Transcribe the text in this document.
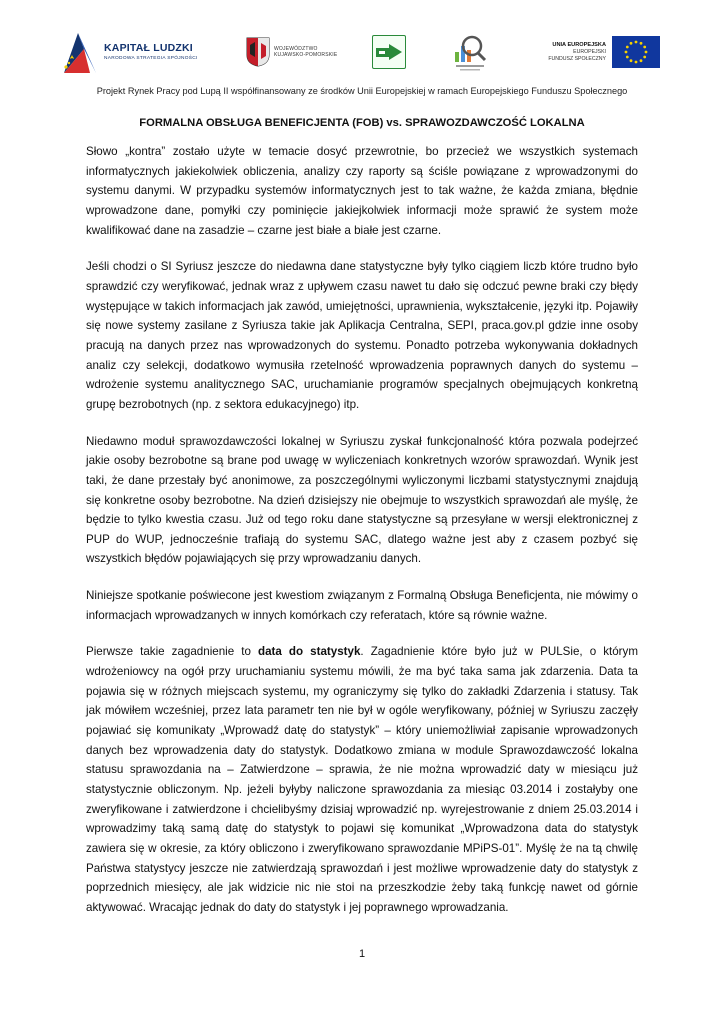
KAPITAŁ LUDZKI
NARODOWA STRATEGIA SPÓJNOŚCI
WOJEWÓDZTWO
KUJAWSKO-POMORSKIE
UNIA EUROPEJSKA
EUROPEJSKI
FUNDUSZ SPOŁECZNY
Projekt Rynek Pracy pod Lupą II współfinansowany ze środków Unii Europejskiej w ramach Europejskiego Funduszu Społecznego
FORMALNA OBSŁUGA BENEFICJENTA (FOB) vs. SPRAWOZDAWCZOŚĆ LOKALNA

Słowo „kontra” zostało użyte w temacie dosyć przewrotnie, bo przecież we wszystkich systemach informatycznych jakiekolwiek obliczenia, analizy czy raporty są ściśle powiązane z wprowadzonymi do systemu danymi. W przypadku systemów informatycznych jest to tak ważne, że każda zmiana, błędnie wprowadzone dane, pomyłki czy pominięcie jakiejkolwiek informacji może sprawić że system może kwalifikować dane na zasadzie – czarne jest białe a białe jest czarne.

Jeśli chodzi o SI Syriusz jeszcze do niedawna dane statystyczne były tylko ciągiem liczb które trudno było sprawdzić czy weryfikować, jednak wraz z upływem czasu nawet tu dało się odczuć pewne braki czy błędy występujące w takich informacjach jak zawód, umiejętności, uprawnienia, wykształcenie, języki itp. Pojawiły się nowe systemy zasilane z Syriusza takie jak Aplikacja Centralna, SEPI, praca.gov.pl gdzie inne osoby pracują na danych przez nas wprowadzonych do systemu. Ponadto potrzeba wykonywania dokładnych analiz czy selekcji, dodatkowo wymusiła rzetelność wprowadzenia poprawnych danych do systemu – wdrożenie systemu analitycznego SAC, uruchamianie programów specjalnych obejmujących konkretną grupę bezrobotnych (np. z sektora edukacyjnego) itp.

Niedawno moduł sprawozdawczości lokalnej w Syriuszu zyskał funkcjonalność która pozwala podejrzeć jakie osoby bezrobotne są brane pod uwagę w wyliczeniach konkretnych wzorów sprawozdań. Wynik jest taki, że dane przestały być anonimowe, za poszczególnymi wyliczonymi liczbami statystycznymi znajdują się konkretne osoby bezrobotne. Na dzień dzisiejszy nie obejmuje to wszystkich sprawozdań ale myślę, że będzie to tylko kwestia czasu. Już od tego roku dane statystyczne są przesyłane w wersji elektronicznej z PUP do WUP, jednocześnie trafiają do systemu SAC, dlatego ważne jest aby z czasem pozbyć się wszystkich błędów pojawiających się przy wprowadzaniu danych.

Niniejsze spotkanie poświecone jest kwestiom związanym z Formalną Obsługa Beneficjenta, nie mówimy o informacjach wprowadzanych w innych komórkach czy referatach, które są równie ważne.

Pierwsze takie zagadnienie to data do statystyk. Zagadnienie które było już w PULSie, o którym wdrożeniowcy na ogół przy uruchamianiu systemu mówili, że ma być taka sama jak zdarzenia. Data ta pojawia się w różnych miejscach systemu, my ograniczymy się tylko do zakładki Zdarzenia i statusy. Tak jak mówiłem wcześniej, przez lata parametr ten nie był w ogóle weryfikowany, później w Syriuszu zaczęły pojawiać się komunikaty „Wprowadź datę do statystyk” – który uniemożliwiał zapisanie wprowadzonych danych bez wprowadzenia daty do statystyk. Dodatkowo zmiana w module Sprawozdawczość lokalna statusu sprawozdania na – Zatwierdzone – sprawia, że nie można wprowadzić daty w miesiącu już statystycznie obliczonym. Np. jeżeli byłyby naliczone sprawozdania za miesiąc 03.2014 i zostałyby one zweryfikowane i zatwierdzone i chcielibyśmy dzisiaj wprowadzić np. wyrejestrowanie z dniem 25.03.2014 i wprowadzimy taką samą datę do statystyk to pojawi się komunikat „Wprowadzona data do statystyk zawiera się w okresie, za który obliczono i zweryfikowano sprawozdanie MPiPS-01”. Myślę że na tą chwilę Państwa statystycy jeszcze nie zatwierdzają sprawozdań i jest możliwe wprowadzenie daty do statystyk z poprzednich miesięcy, ale jak widzicie nic nie stoi na przeszkodzie żeby taką funkcję nawet od górnie aktywować. Wracając jednak do daty do statystyk i jej poprawnego wprowadzania.

1
